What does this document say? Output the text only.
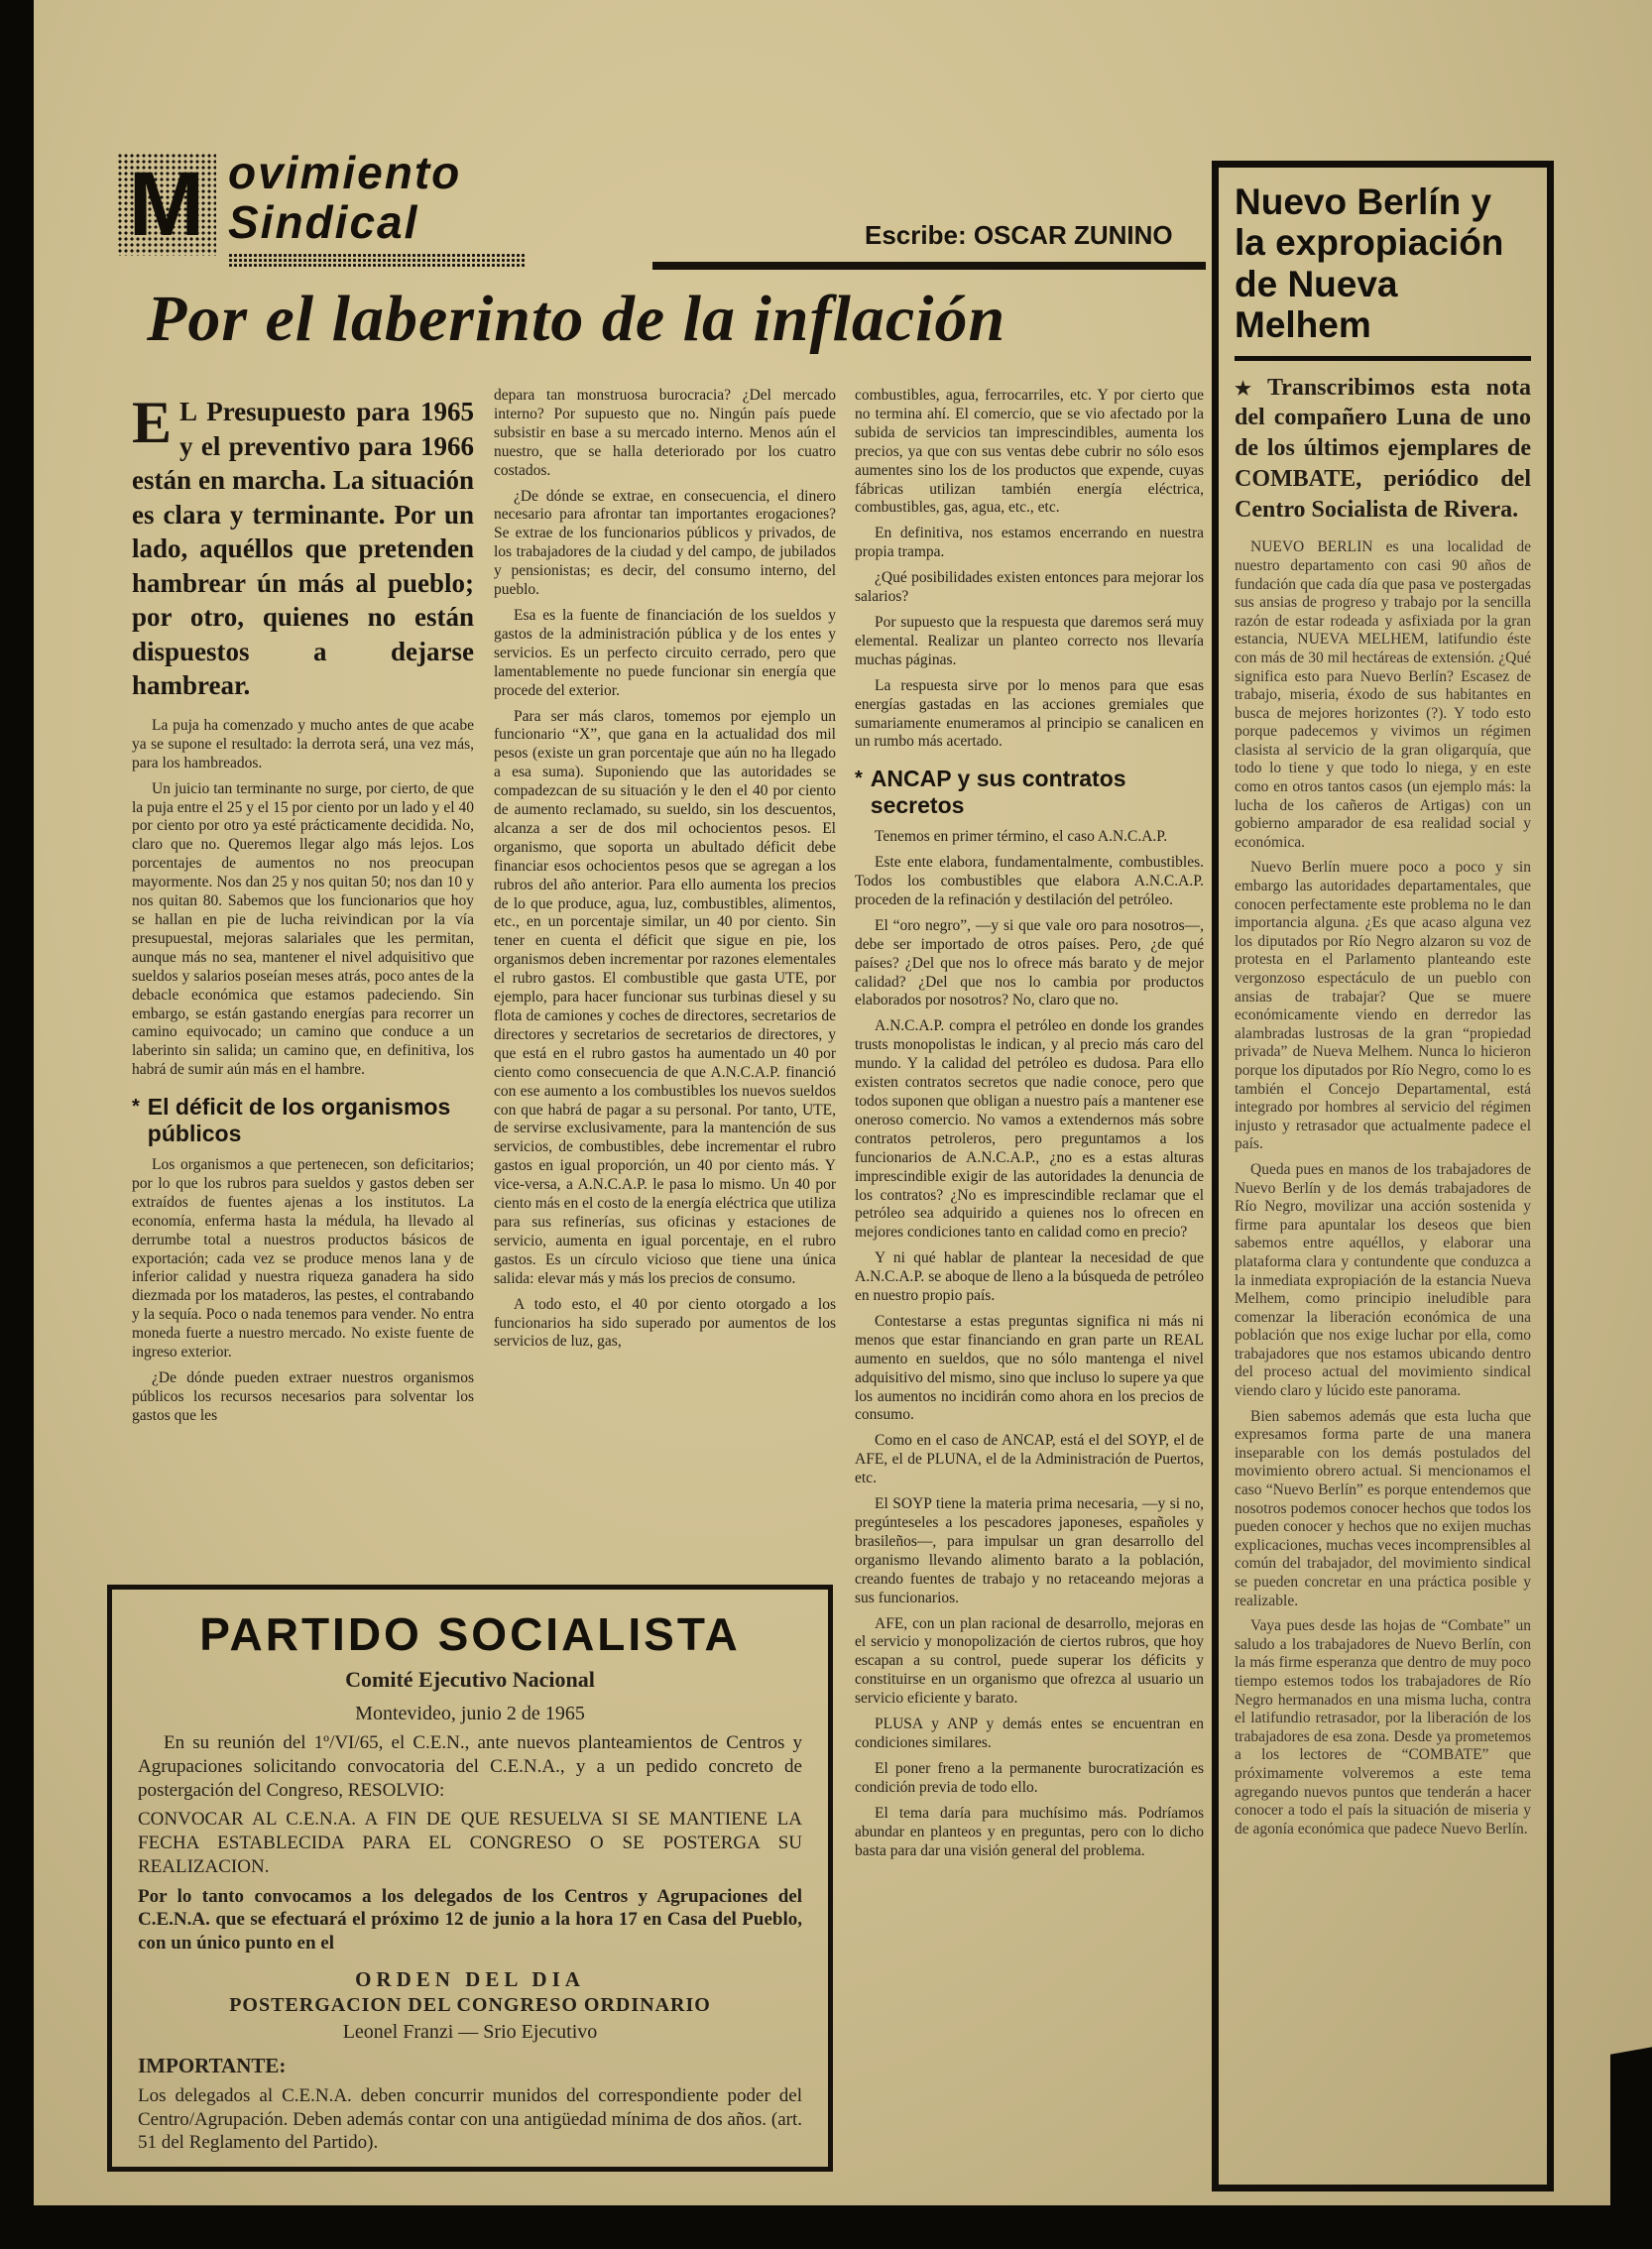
M ovimiento
Sindical	Escribe: OSCAR ZUNINO
Por el laberinto de la inflación
E L Presupuesto para 1965 y el preventivo para 1966 están en marcha. La situación es clara y terminante. Por un lado, aquéllos que pretenden hambrear ún más al pueblo; por otro, quienes no están dispuestos a dejarse hambrear.

La puja ha comenzado y mucho antes de que acabe ya se supone el resultado: la derrota será, una vez más, para los hambreados.

Un juicio tan terminante no surge, por cierto, de que la puja entre el 25 y el 15 por ciento por un lado y el 40 por ciento por otro ya esté prácticamente decidida. No, claro que no. Queremos llegar algo más lejos. Los porcentajes de aumentos no nos preocupan mayormente. Nos dan 25 y nos quitan 50; nos dan 10 y nos quitan 80. Sabemos que los funcionarios que hoy se hallan en pie de lucha reivindican por la vía presupuestal, mejoras salariales que les permitan, aunque más no sea, mantener el nivel adquisitivo que sueldos y salarios poseían meses atrás, poco antes de la debacle económica que estamos padeciendo. Sin embargo, se están gastando energías para recorrer un camino equivocado; un camino que conduce a un laberinto sin salida; un camino que, en definitiva, los habrá de sumir aún más en el hambre.

* El déficit de los organismos públicos

Los organismos a que pertenecen, son deficitarios; por lo que los rubros para sueldos y gastos deben ser extraídos de fuentes ajenas a los institutos. La economía, enferma hasta la médula, ha llevado al derrumbe total a nuestros productos básicos de exportación; cada vez se produce menos lana y de inferior calidad y nuestra riqueza ganadera ha sido diezmada por los mataderos, las pestes, el contrabando y la sequía. Poco o nada tenemos para vender. No entra moneda fuerte a nuestro mercado. No existe fuente de ingreso exterior.

¿De dónde pueden extraer nuestros organismos públicos los recursos necesarios para solventar los gastos que les

depara tan monstruosa burocracia? ¿Del mercado interno? Por supuesto que no. Ningún país puede subsistir en base a su mercado interno. Menos aún el nuestro, que se halla deteriorado por los cuatro costados.

¿De dónde se extrae, en consecuencia, el dinero necesario para afrontar tan importantes erogaciones? Se extrae de los funcionarios públicos y privados, de los trabajadores de la ciudad y del campo, de jubilados y pensionistas; es decir, del consumo interno, del pueblo.

Esa es la fuente de financiación de los sueldos y gastos de la administración pública y de los entes y servicios. Es un perfecto circuito cerrado, pero que lamentablemente no puede funcionar sin energía que procede del exterior.

Para ser más claros, tomemos por ejemplo un funcionario “X”, que gana en la actualidad dos mil pesos (existe un gran porcentaje que aún no ha llegado a esa suma). Suponiendo que las autoridades se compadezcan de su situación y le den el 40 por ciento de aumento reclamado, su sueldo, sin los descuentos, alcanza a ser de dos mil ochocientos pesos. El organismo, que soporta un abultado déficit debe financiar esos ochocientos pesos que se agregan a los rubros del año anterior. Para ello aumenta los precios de lo que produce, agua, luz, combustibles, alimentos, etc., en un porcentaje similar, un 40 por ciento. Sin tener en cuenta el déficit que sigue en pie, los organismos deben incrementar por razones elementales el rubro gastos. El combustible que gasta UTE, por ejemplo, para hacer funcionar sus turbinas diesel y su flota de camiones y coches de directores, secretarios de directores y secretarios de secretarios de directores, y que está en el rubro gastos ha aumentado un 40 por ciento como consecuencia de que A.N.C.A.P. financió con ese aumento a los combustibles los nuevos sueldos con que habrá de pagar a su personal. Por tanto, UTE, de servirse exclusivamente, para la mantención de sus servicios, de combustibles, debe incrementar el rubro gastos en igual proporción, un 40 por ciento más. Y vice-versa, a A.N.C.A.P. le pasa lo mismo. Un 40 por ciento más en el costo de la energía eléctrica que utiliza para sus refinerías, sus oficinas y estaciones de servicio, aumenta en igual porcentaje, en el rubro gastos. Es un círculo vicioso que tiene una única salida: elevar más y más los precios de consumo.

A todo esto, el 40 por ciento otorgado a los funcionarios ha sido superado por aumentos de los servicios de luz, gas,

combustibles, agua, ferrocarriles, etc. Y por cierto que no termina ahí. El comercio, que se vio afectado por la subida de servicios tan imprescindibles, aumenta los precios, ya que con sus ventas debe cubrir no sólo esos aumentes sino los de los productos que expende, cuyas fábricas utilizan también energía eléctrica, combustibles, gas, agua, etc., etc.

En definitiva, nos estamos encerrando en nuestra propia trampa.

¿Qué posibilidades existen entonces para mejorar los salarios?

Por supuesto que la respuesta que daremos será muy elemental. Realizar un planteo correcto nos llevaría muchas páginas.

La respuesta sirve por lo menos para que esas energías gastadas en las acciones gremiales que sumariamente enumeramos al principio se canalicen en un rumbo más acertado.

* ANCAP y sus contratos secretos

Tenemos en primer término, el caso A.N.C.A.P.

Este ente elabora, fundamentalmente, combustibles. Todos los combustibles que elabora A.N.C.A.P. proceden de la refinación y destilación del petróleo.

El “oro negro”, —y si que vale oro para nosotros—, debe ser importado de otros países. Pero, ¿de qué países? ¿Del que nos lo ofrece más barato y de mejor calidad? ¿Del que nos lo cambia por productos elaborados por nosotros? No, claro que no.

A.N.C.A.P. compra el petróleo en donde los grandes trusts monopolistas le indican, y al precio más caro del mundo. Y la calidad del petróleo es dudosa. Para ello existen contratos secretos que nadie conoce, pero que todos suponen que obligan a nuestro país a mantener ese oneroso comercio. No vamos a extendernos más sobre contratos petroleros, pero preguntamos a los funcionarios de A.N.C.A.P., ¿no es a estas alturas imprescindible exigir de las autoridades la denuncia de los contratos? ¿No es imprescindible reclamar que el petróleo sea adquirido a quienes nos lo ofrecen en mejores condiciones tanto en calidad como en precio?

Y ni qué hablar de plantear la necesidad de que A.N.C.A.P. se aboque de lleno a la búsqueda de petróleo en nuestro propio país.

Contestarse a estas preguntas significa ni más ni menos que estar financiando en gran parte un REAL aumento en sueldos, que no sólo mantenga el nivel adquisitivo del mismo, sino que incluso lo supere ya que los aumentos no incidirán como ahora en los precios de consumo.

Como en el caso de ANCAP, está el del SOYP, el de AFE, el de PLUNA, el de la Administración de Puertos, etc.

El SOYP tiene la materia prima necesaria, —y si no, pregúnteseles a los pescadores japoneses, españoles y brasileños—, para impulsar un gran desarrollo del organismo llevando alimento barato a la población, creando fuentes de trabajo y no retaceando mejoras a sus funcionarios.

AFE, con un plan racional de desarrollo, mejoras en el servicio y monopolización de ciertos rubros, que hoy escapan a su control, puede superar los déficits y constituirse en un organismo que ofrezca al usuario un servicio eficiente y barato.

PLUSA y ANP y demás entes se encuentran en condiciones similares.

El poner freno a la permanente burocratización es condición previa de todo ello.

El tema daría para muchísimo más. Podríamos abundar en planteos y en preguntas, pero con lo dicho basta para dar una visión general del problema.

PARTIDO SOCIALISTA
Comité Ejecutivo Nacional
Montevideo, junio 2 de 1965

En su reunión del 1º/VI/65, el C.E.N., ante nuevos planteamientos de Centros y Agrupaciones solicitando convocatoria del C.E.N.A., y a un pedido concreto de postergación del Congreso, RESOLVIO:

CONVOCAR AL C.E.N.A. A FIN DE QUE RESUELVA SI SE MANTIENE LA FECHA ESTABLECIDA PARA EL CONGRESO O SE POSTERGA SU REALIZACION.

Por lo tanto convocamos a los delegados de los Centros y Agrupaciones del C.E.N.A. que se efectuará el próximo 12 de junio a la hora 17 en Casa del Pueblo, con un único punto en el

ORDEN DEL DIA
POSTERGACION DEL CONGRESO ORDINARIO
Leonel Franzi — Srio Ejecutivo
IMPORTANTE:

Los delegados al C.E.N.A. deben concurrir munidos del correspondiente poder del Centro/Agrupación. Deben además contar con una antigüedad mínima de dos años. (art. 51 del Reglamento del Partido).

Nuevo Berlín y
la expropiación
de Nueva Melhem
★ Transcribimos esta nota del compañero Luna de uno de los últimos ejemplares de COMBATE, periódico del Centro Socialista de Rivera.

NUEVO BERLIN es una localidad de nuestro departamento con casi 90 años de fundación que cada día que pasa ve postergadas sus ansias de progreso y trabajo por la sencilla razón de estar rodeada y asfixiada por la gran estancia, NUEVA MELHEM, latifundio éste con más de 30 mil hectáreas de extensión. ¿Qué significa esto para Nuevo Berlín? Escasez de trabajo, miseria, éxodo de sus habitantes en busca de mejores horizontes (?). Y todo esto porque padecemos y vivimos un régimen clasista al servicio de la gran oligarquía, que todo lo tiene y que todo lo niega, y en este como en otros tantos casos (un ejemplo más: la lucha de los cañeros de Artigas) con un gobierno amparador de esa realidad social y económica.

Nuevo Berlín muere poco a poco y sin embargo las autoridades departamentales, que conocen perfectamente este problema no le dan importancia alguna. ¿Es que acaso alguna vez los diputados por Río Negro alzaron su voz de protesta en el Parlamento planteando este vergonzoso espectáculo de un pueblo con ansias de trabajar? Que se muere económicamente viendo en derredor las alambradas lustrosas de la gran “propiedad privada” de Nueva Melhem. Nunca lo hicieron porque los diputados por Río Negro, como lo es también el Concejo Departamental, está integrado por hombres al servicio del régimen injusto y retrasador que actualmente padece el país.

Queda pues en manos de los trabajadores de Nuevo Berlín y de los demás trabajadores de Río Negro, movilizar una acción sostenida y firme para apuntalar los deseos que bien sabemos entre aquéllos, y elaborar una plataforma clara y contundente que conduzca a la inmediata expropiación de la estancia Nueva Melhem, como principio ineludible para comenzar la liberación económica de una población que nos exige luchar por ella, como trabajadores que nos estamos ubicando dentro del proceso actual del movimiento sindical viendo claro y lúcido este panorama.

Bien sabemos además que esta lucha que expresamos forma parte de una manera inseparable con los demás postulados del movimiento obrero actual. Si mencionamos el caso “Nuevo Berlín” es porque entendemos que nosotros podemos conocer hechos que todos los pueden conocer y hechos que no exijen muchas explicaciones, muchas veces incomprensibles al común del trabajador, del movimiento sindical se pueden concretar en una práctica posible y realizable.

Vaya pues desde las hojas de “Combate” un saludo a los trabajadores de Nuevo Berlín, con la más firme esperanza que dentro de muy poco tiempo estemos todos los trabajadores de Río Negro hermanados en una misma lucha, contra el latifundio retrasador, por la liberación de los trabajadores de esa zona. Desde ya prometemos a los lectores de “COMBATE” que próximamente volveremos a este tema agregando nuevos puntos que tenderán a hacer conocer a todo el país la situación de miseria y de agonía económica que padece Nuevo Berlín.
